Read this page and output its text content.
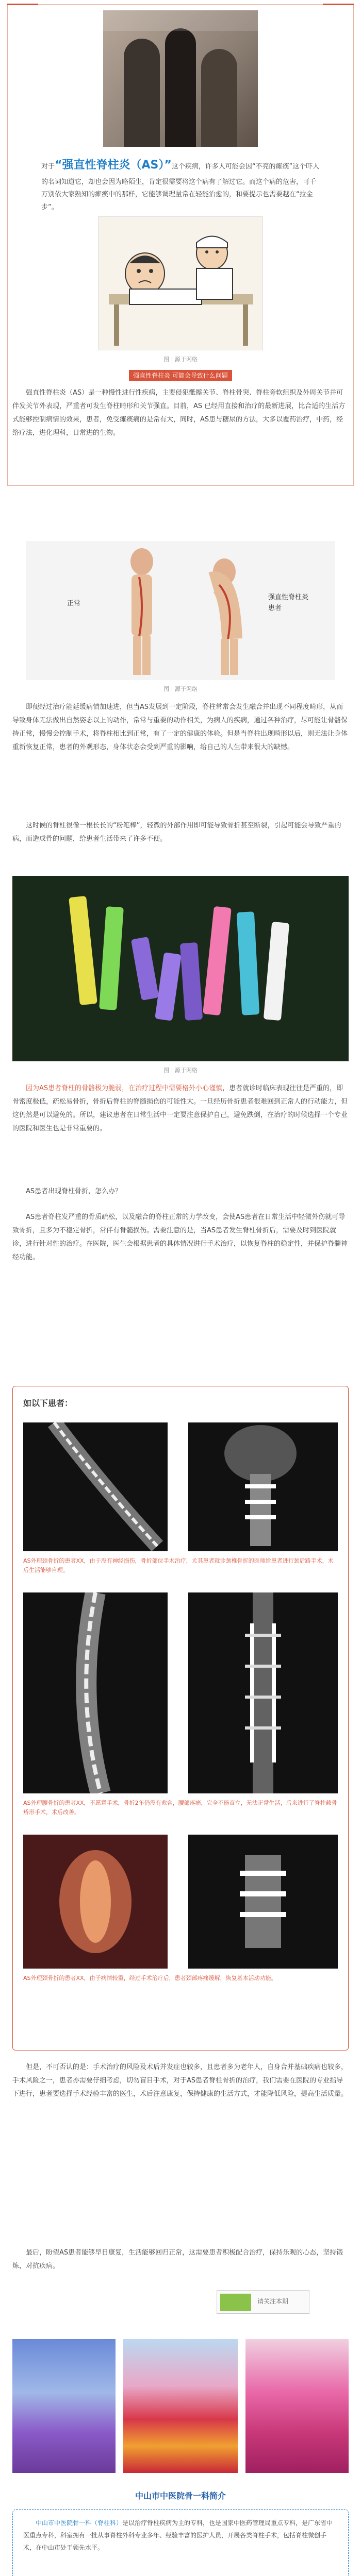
对于“强直性脊柱炎（AS）”这个疾病，许多人可能会因“不亮的瘫痪”这个吓人的名词知道它，却也会因为略陌生，肯定很需要将这个病有了解过它。而这个病的危害，可千万别依大家熟知的瘫痪中的那样，它能够调理量常在轻能治愈的，和要提示也需要越在“拉金步”。
图 | 源于网络
强直性脊柱炎 可能会导致什么问题
强直性脊柱炎（AS）是一种慢性进行性疾病，主要侵犯骶髂关节、脊柱骨突、脊柱旁软组织及外周关节并可伴发关节外表现，严重者可发生脊柱畸形和关节强直。目前，AS 已经用直接和治疗的最新进展，比合适的生活方式能够控制病情的效果，患者，免受瘫痪痛的是常有大，同时，AS患与糖尿的方法，大多以覆药治疗，中药，经络疗法，进化理科，日常进的生物。
正常
强直性脊柱炎
患者
图 | 源于网络
即便经过治疗能延缓病情加速进，但当AS发展到一定阶段，脊柱常常会发生融合并出现不同程度畸形，从而导致身体无法做出自然姿态以上的动作，常常与重要的动作相关，为病人的疾病，通过各种治疗，尽可能让骨骼保持正常，慢慢会控制手术，将脊柱相比到正常，有了一定的健康的体验。但是当脊柱出现畸形以后，则无法让身体重新恢复正常，患者的外观形态，身体状态会受到严重的影响，给自己的人生带来很大的缺憾。
这时候的脊柱很像一根长长的“粉笔棒”，轻微的外部作用即可能导致骨折甚至断裂，引起可能会导致严重的病，而造成骨的问题，给患者生活带来了许多不便。
图 | 源于网络
因为AS患者脊柱的骨骼极为脆弱，在治疗过程中需要格外小心谨慎，患者就诊时临床表现往往是严重的，即骨密度极低，疏松易骨折，骨折后脊柱的脊髓损伤的可能性大。一旦经历骨折患者很难回到正常人的行动能力，但这仍然是可以避免的。所以，建议患者在日常生活中一定要注意保护自己，避免跌倒，在治疗的时候选择一个专业的医院和医生也是非常重要的。
AS患者出现脊柱骨折，怎么办？
AS患者脊柱发严重的骨质疏松，以及融合的脊柱正常的力学改变，会使AS患者在日常生活中轻微外伤就可导致骨折，且多为不稳定骨折，常伴有脊髓损伤。需要注意的是，当AS患者发生脊柱骨折后，需要及时到医院就诊，进行针对性的治疗。在医院，医生会根据患者的具体情况进行手术治疗，以恢复脊柱的稳定性，并保护脊髓神经功能。
如以下患者：
AS外理颈骨折的患者XX，由于没有神经损伤，骨折部位手术治疗，尤其患者就诊颈椎骨折的医师给患者进行颈后路手术，术后生活能够自理。
AS外理腰骨折的患者XX，不愿意手术，骨折2年仍没有愈合，腰部疼痛，完全不能直立，无法正常生活，后来进行了脊柱截骨矫形手术，术后改善。
AS外理颈骨折的患者XX，由于病情较重，经过手术治疗后，患者颈部疼痛缓解，恢复基本活动功能。
但是，不可否认的是：手术治疗的风险及术后并发症也较多，且患者多为老年人，自身合并基础疾病也较多，手术风险之一，患者亦需要仔细考虑，切勿盲目手术，对于AS患者脊柱骨折的治疗，我们需要在医院的专业指导下进行，患者要选择手术经验丰富的医生，术后注意康复，保持健康的生活方式，才能降低风险，提高生活质量。
最后，盼望AS患者能够早日康复，生活能够回归正常，这需要患者积极配合治疗，保持乐观的心态，坚持锻炼，对抗疾病。
请关注本期
中山市中医院骨一科简介
中山市中医院骨一科（脊柱科）是以治疗脊柱疾病为主的专科，也是国家中医药管理局重点专科，是广东省中医重点专科，科室拥有一批从事脊柱外科专业多年、经验丰富的医护人员，开展各类脊柱手术，包括脊柱微创手术，在中山市处于领先水平。
